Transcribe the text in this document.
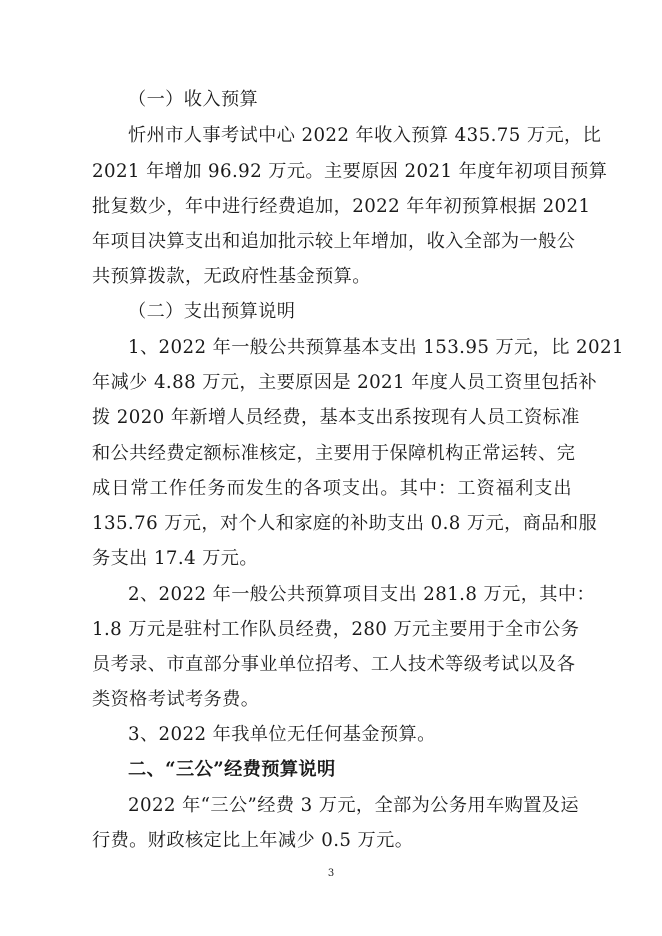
（一）收入预算
忻州市人事考试中心 2022 年收入预算 435.75 万元，比
2021 年增加 96.92 万元。主要原因 2021 年度年初项目预算
批复数少，年中进行经费追加，2022 年年初预算根据 2021
年项目决算支出和追加批示较上年增加，收入全部为一般公
共预算拨款，无政府性基金预算。
（二）支出预算说明
1、2022 年一般公共预算基本支出 153.95 万元，比 2021
年减少 4.88 万元，主要原因是 2021 年度人员工资里包括补
拨 2020 年新增人员经费，基本支出系按现有人员工资标准
和公共经费定额标准核定，主要用于保障机构正常运转、完
成日常工作任务而发生的各项支出。其中：工资福利支出
135.76 万元，对个人和家庭的补助支出 0.8 万元，商品和服
务支出 17.4 万元。
2、2022 年一般公共预算项目支出 281.8 万元，其中：
1.8 万元是驻村工作队员经费，280 万元主要用于全市公务
员考录、市直部分事业单位招考、工人技术等级考试以及各
类资格考试考务费。
3、2022 年我单位无任何基金预算。
二、“三公”经费预算说明
2022 年“三公”经费 3 万元，全部为公务用车购置及运
行费。财政核定比上年减少 0.5 万元。
3
